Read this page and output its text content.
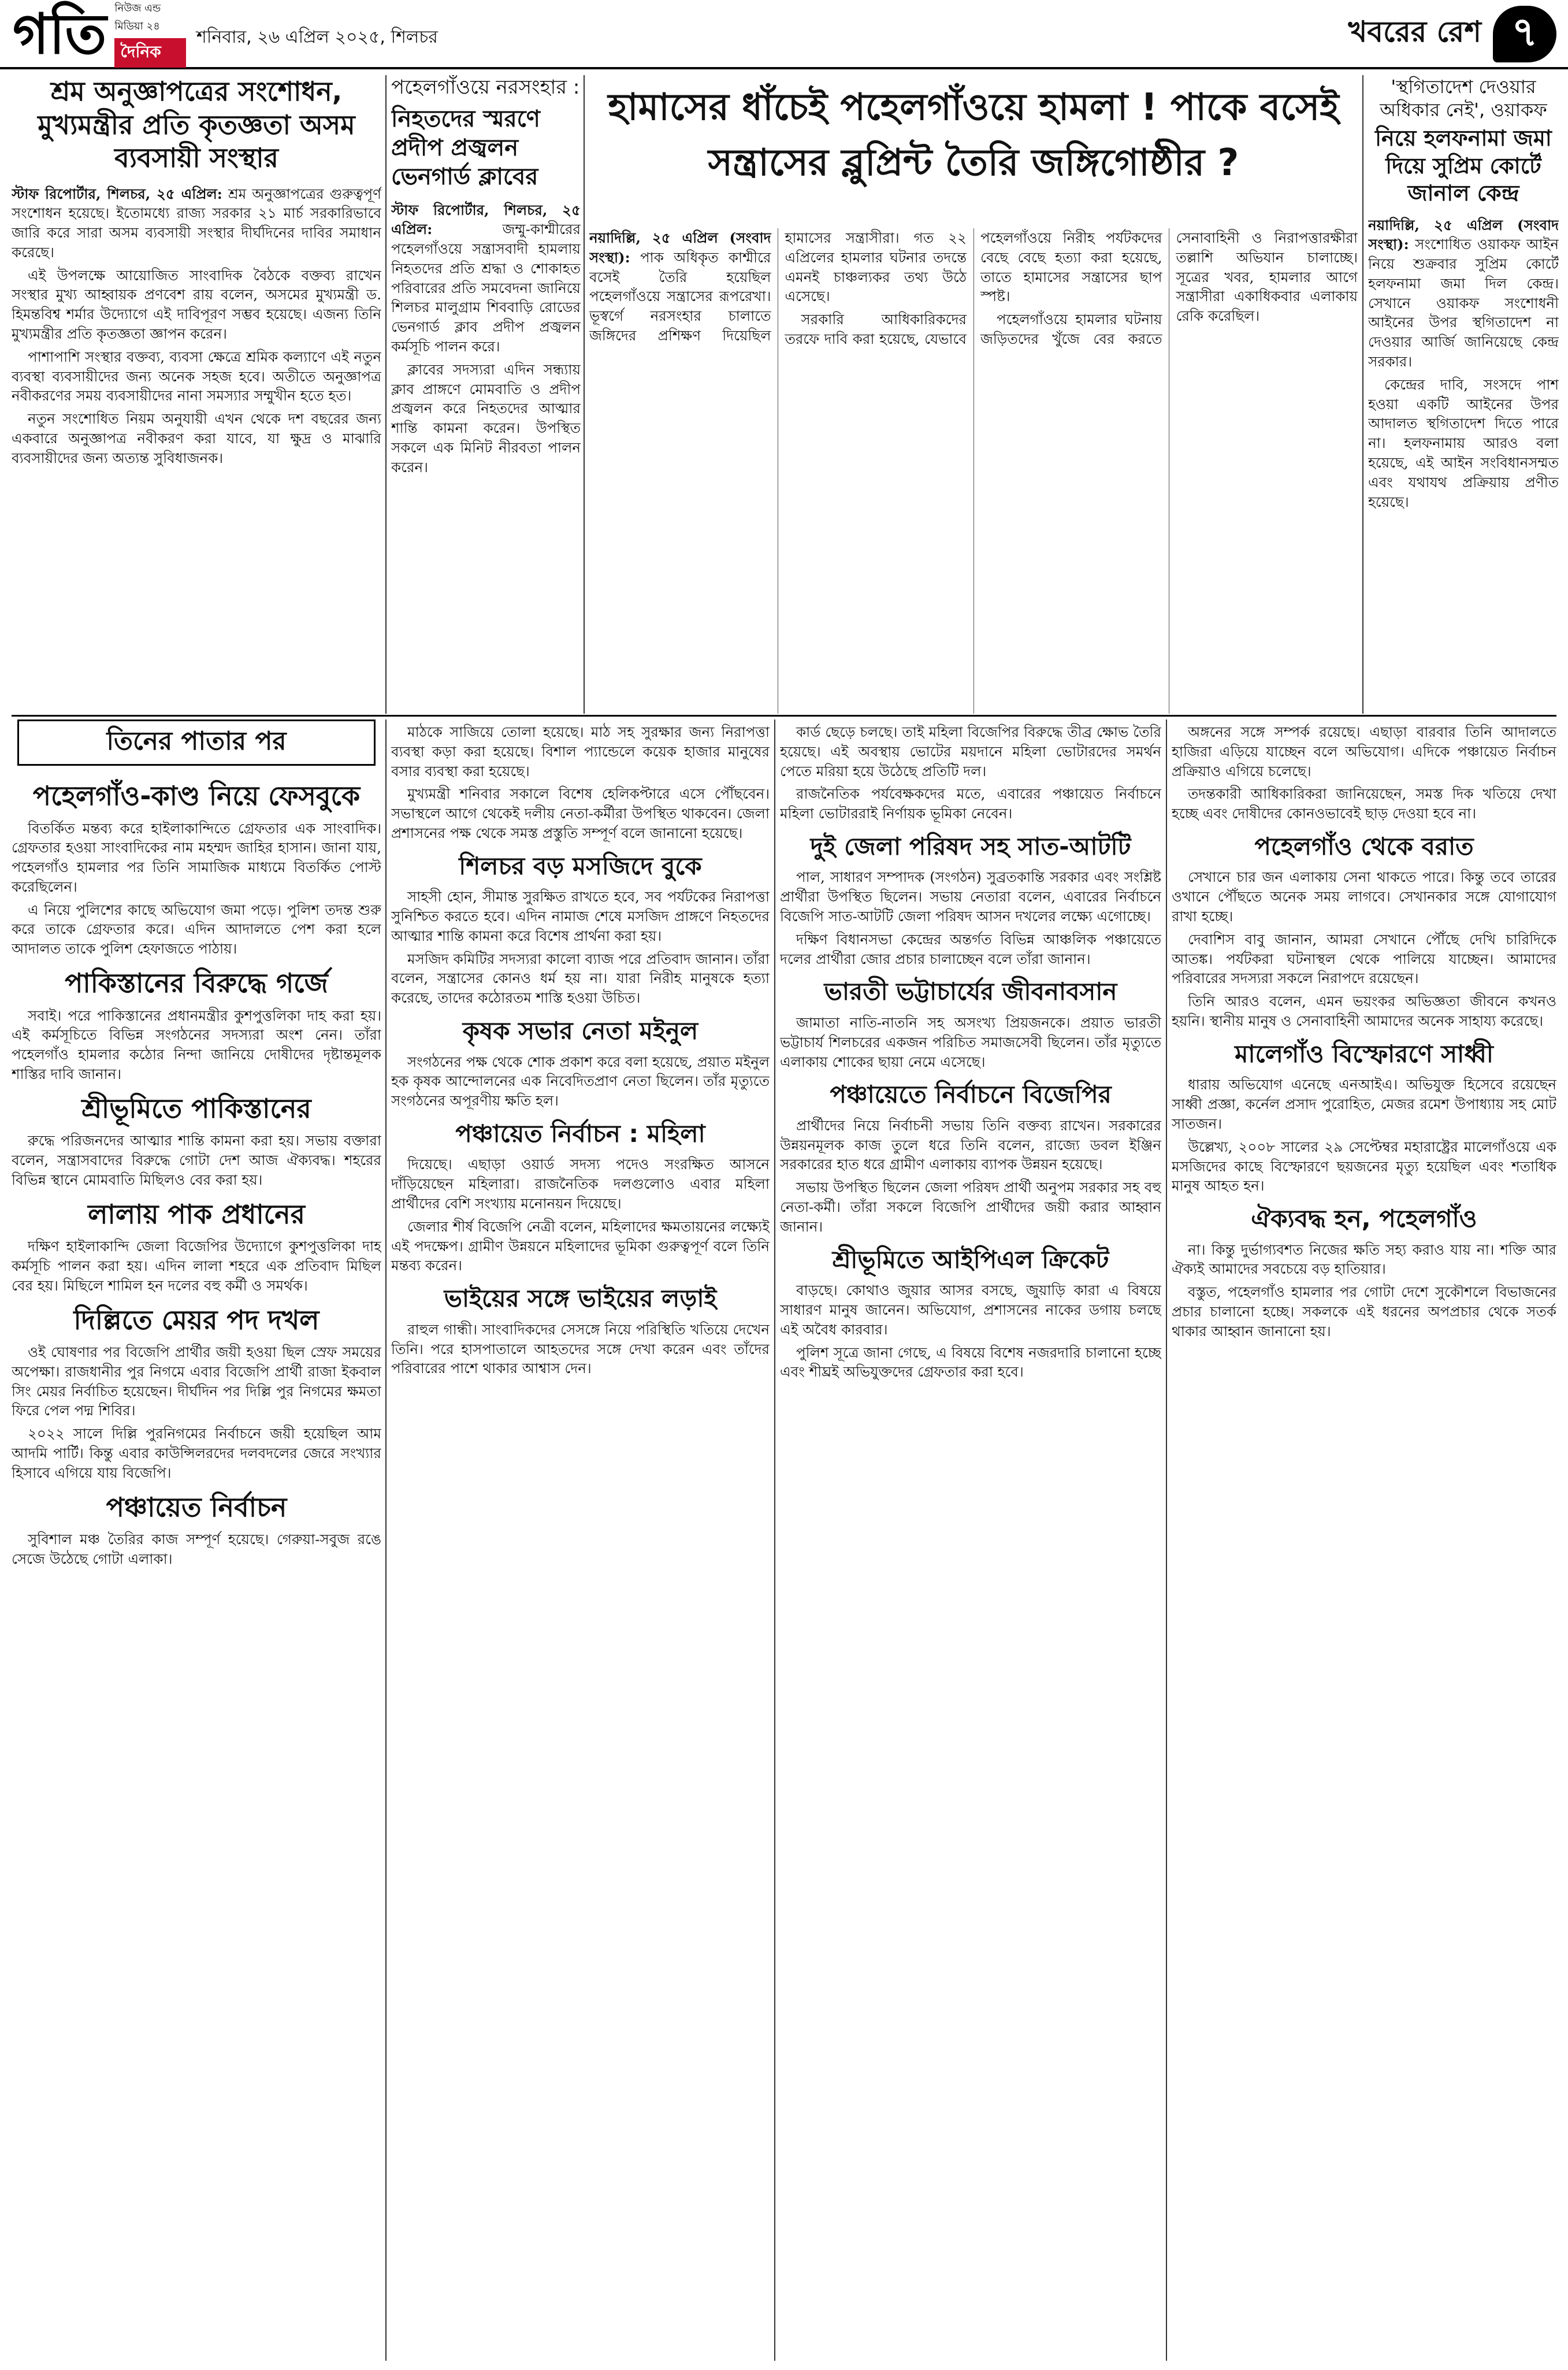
গতি নিউজ এন্ড মিডিয়া ২৪
দৈনিক
শনিবার, ২৬ এপ্রিল ২০২৫, শিলচর	খবরের রেশ ৭
শ্রম অনুজ্ঞাপত্রের সংশোধন, মুখ্যমন্ত্রীর প্রতি কৃতজ্ঞতা অসম ব্যবসায়ী সংস্থার

স্টাফ রিপোর্টার, শিলচর, ২৫ এপ্রিল: শ্রম অনুজ্ঞাপত্রের গুরুত্বপূর্ণ সংশোধন হয়েছে। ইতোমধ্যে রাজ্য সরকার ২১ মার্চ সরকারিভাবে জারি করে সারা অসম ব্যবসায়ী সংস্থার দীর্ঘদিনের দাবির সমাধান করেছে।

এই উপলক্ষে আয়োজিত সাংবাদিক বৈঠকে বক্তব্য রাখেন সংস্থার মুখ্য আহ্বায়ক প্রণবেশ রায় বলেন, অসমের মুখ্যমন্ত্রী ড. হিমন্তবিশ্ব শর্মার উদ্যোগে এই দাবিপূরণ সম্ভব হয়েছে। এজন্য তিনি মুখ্যমন্ত্রীর প্রতি কৃতজ্ঞতা জ্ঞাপন করেন।

পাশাপাশি সংস্থার বক্তব্য, ব্যবসা ক্ষেত্রে শ্রমিক কল্যাণে এই নতুন ব্যবস্থা ব্যবসায়ীদের জন্য অনেক সহজ হবে। অতীতে অনুজ্ঞাপত্র নবীকরণের সময় ব্যবসায়ীদের নানা সমস্যার সম্মুখীন হতে হত।

নতুন সংশোধিত নিয়ম অনুযায়ী এখন থেকে দশ বছরের জন্য একবারে অনুজ্ঞাপত্র নবীকরণ করা যাবে, যা ক্ষুদ্র ও মাঝারি ব্যবসায়ীদের জন্য অত্যন্ত সুবিধাজনক।

পহেলগাঁওয়ে নরসংহার :
নিহতদের স্মরণে প্রদীপ প্রজ্বলন ভেনগার্ড ক্লাবের

স্টাফ রিপোর্টার, শিলচর, ২৫ এপ্রিল:	জম্মু-কাশ্মীরের পহেলগাঁওয়ে সন্ত্রাসবাদী হামলায় নিহতদের প্রতি শ্রদ্ধা ও শোকাহত পরিবারের প্রতি সমবেদনা জানিয়ে শিলচর মালুগ্রাম শিববাড়ি রোডের ভেনগার্ড ক্লাব প্রদীপ প্রজ্বলন কর্মসূচি পালন করে।

ক্লাবের সদস্যরা এদিন সন্ধ্যায় ক্লাব প্রাঙ্গণে মোমবাতি ও প্রদীপ প্রজ্বলন করে নিহতদের আত্মার শান্তি কামনা করেন। উপস্থিত সকলে এক মিনিট নীরবতা পালন করেন।

হামাসের ধাঁচেই পহেলগাঁওয়ে হামলা ! পাকে বসেই সন্ত্রাসের ব্লুপ্রিন্ট তৈরি জঙ্গিগোষ্ঠীর ?

নয়াদিল্লি, ২৫ এপ্রিল (সংবাদ সংস্থা): পাক অধিকৃত কাশ্মীরে বসেই তৈরি হয়েছিল পহেলগাঁওয়ে সন্ত্রাসের রূপরেখা। ভূস্বর্গে নরসংহার চালাতে জঙ্গিদের প্রশিক্ষণ দিয়েছিল হামাসের সন্ত্রাসীরা। গত ২২ এপ্রিলের হামলার ঘটনার তদন্তে এমনই চাঞ্চল্যকর তথ্য উঠে এসেছে।

সরকারি আধিকারিকদের তরফে দাবি করা হয়েছে, যেভাবে পহেলগাঁওয়ে নিরীহ পর্যটকদের বেছে বেছে হত্যা করা হয়েছে, তাতে হামাসের সন্ত্রাসের ছাপ স্পষ্ট।

পহেলগাঁওয়ে হামলার ঘটনায় জড়িতদের খুঁজে বের করতে সেনাবাহিনী ও নিরাপত্তারক্ষীরা তল্লাশি অভিযান চালাচ্ছে। সূত্রের খবর, হামলার আগে সন্ত্রাসীরা একাধিকবার এলাকায় রেকি করেছিল।

'স্থগিতাদেশ দেওয়ার অধিকার নেই', ওয়াকফ
নিয়ে হলফনামা জমা দিয়ে সুপ্রিম কোর্টে জানাল কেন্দ্র

নয়াদিল্লি, ২৫ এপ্রিল (সংবাদ সংস্থা): সংশোধিত ওয়াকফ আইন নিয়ে শুক্রবার সুপ্রিম কোর্টে হলফনামা জমা দিল কেন্দ্র। সেখানে ওয়াকফ সংশোধনী আইনের উপর স্থগিতাদেশ না দেওয়ার আর্জি জানিয়েছে কেন্দ্র সরকার।

কেন্দ্রের দাবি, সংসদে পাশ হওয়া একটি আইনের উপর আদালত স্থগিতাদেশ দিতে পারে না। হলফনামায় আরও বলা হয়েছে, এই আইন সংবিধানসম্মত এবং যথাযথ প্রক্রিয়ায় প্রণীত হয়েছে।

তিনের পাতার পর
পহেলগাঁও-কাণ্ড নিয়ে ফেসবুকে

বিতর্কিত মন্তব্য করে হাইলাকান্দিতে গ্রেফতার এক সাংবাদিক। গ্রেফতার হওয়া সাংবাদিকের নাম মহম্মদ জাহির হাসান। জানা যায়, পহেলগাঁও হামলার পর তিনি সামাজিক মাধ্যমে বিতর্কিত পোস্ট করেছিলেন।

এ নিয়ে পুলিশের কাছে অভিযোগ জমা পড়ে। পুলিশ তদন্ত শুরু করে তাকে গ্রেফতার করে। এদিন আদালতে পেশ করা হলে আদালত তাকে পুলিশ হেফাজতে পাঠায়।

পাকিস্তানের বিরুদ্ধে গর্জে

সবাই। পরে পাকিস্তানের প্রধানমন্ত্রীর কুশপুত্তলিকা দাহ করা হয়। এই কর্মসূচিতে বিভিন্ন সংগঠনের সদস্যরা অংশ নেন। তাঁরা পহেলগাঁও হামলার কঠোর নিন্দা জানিয়ে দোষীদের দৃষ্টান্তমূলক শাস্তির দাবি জানান।

শ্রীভূমিতে পাকিস্তানের

রুদ্ধে পরিজনদের আত্মার শান্তি কামনা করা হয়। সভায় বক্তারা বলেন, সন্ত্রাসবাদের বিরুদ্ধে গোটা দেশ আজ ঐক্যবদ্ধ। শহরের বিভিন্ন স্থানে মোমবাতি মিছিলও বের করা হয়।

লালায় পাক প্রধানের

দক্ষিণ হাইলাকান্দি জেলা বিজেপির উদ্যোগে কুশপুত্তলিকা দাহ কর্মসূচি পালন করা হয়। এদিন লালা শহরে এক প্রতিবাদ মিছিল বের হয়। মিছিলে শামিল হন দলের বহু কর্মী ও সমর্থক।

দিল্লিতে মেয়র পদ দখল

ওই ঘোষণার পর বিজেপি প্রার্থীর জয়ী হওয়া ছিল স্রেফ সময়ের অপেক্ষা। রাজধানীর পুর নিগমে এবার বিজেপি প্রার্থী রাজা ইকবাল সিং মেয়র নির্বাচিত হয়েছেন। দীর্ঘদিন পর দিল্লি পুর নিগমের ক্ষমতা ফিরে পেল পদ্ম শিবির।

২০২২ সালে দিল্লি পুরনিগমের নির্বাচনে জয়ী হয়েছিল আম আদমি পার্টি। কিন্তু এবার কাউন্সিলরদের দলবদলের জেরে সংখ্যার হিসাবে এগিয়ে যায় বিজেপি।

পঞ্চায়েত নির্বাচন

সুবিশাল মঞ্চ তৈরির কাজ সম্পূর্ণ হয়েছে। গেরুয়া-সবুজ রঙে সেজে উঠেছে গোটা এলাকা।

মাঠকে সাজিয়ে তোলা হয়েছে। মাঠ সহ সুরক্ষার জন্য নিরাপত্তা ব্যবস্থা কড়া করা হয়েছে। বিশাল প্যান্ডেলে কয়েক হাজার মানুষের বসার ব্যবস্থা করা হয়েছে।

মুখ্যমন্ত্রী শনিবার সকালে বিশেষ হেলিকপ্টারে এসে পৌঁছবেন। সভাস্থলে আগে থেকেই দলীয় নেতা-কর্মীরা উপস্থিত থাকবেন। জেলা প্রশাসনের পক্ষ থেকে সমস্ত প্রস্তুতি সম্পূর্ণ বলে জানানো হয়েছে।

শিলচর বড় মসজিদে বুকে

সাহসী হোন, সীমান্ত সুরক্ষিত রাখতে হবে, সব পর্যটকের নিরাপত্তা সুনিশ্চিত করতে হবে। এদিন নামাজ শেষে মসজিদ প্রাঙ্গণে নিহতদের আত্মার শান্তি কামনা করে বিশেষ প্রার্থনা করা হয়।

মসজিদ কমিটির সদস্যরা কালো ব্যাজ পরে প্রতিবাদ জানান। তাঁরা বলেন, সন্ত্রাসের কোনও ধর্ম হয় না। যারা নিরীহ মানুষকে হত্যা করেছে, তাদের কঠোরতম শাস্তি হওয়া উচিত।

কৃষক সভার নেতা মইনুল

সংগঠনের পক্ষ থেকে শোক প্রকাশ করে বলা হয়েছে, প্রয়াত মইনুল হক কৃষক আন্দোলনের এক নিবেদিতপ্রাণ নেতা ছিলেন। তাঁর মৃত্যুতে সংগঠনের অপূরণীয় ক্ষতি হল।

পঞ্চায়েত নির্বাচন : মহিলা

দিয়েছে। এছাড়া ওয়ার্ড সদস্য পদেও সংরক্ষিত আসনে দাঁড়িয়েছেন মহিলারা। রাজনৈতিক দলগুলোও এবার মহিলা প্রার্থীদের বেশি সংখ্যায় মনোনয়ন দিয়েছে।

জেলার শীর্ষ বিজেপি নেত্রী বলেন, মহিলাদের ক্ষমতায়নের লক্ষ্যেই এই পদক্ষেপ। গ্রামীণ উন্নয়নে মহিলাদের ভূমিকা গুরুত্বপূর্ণ বলে তিনি মন্তব্য করেন।

ভাইয়ের সঙ্গে ভাইয়ের লড়াই

রাহুল গান্ধী। সাংবাদিকদের সেসঙ্গে নিয়ে পরিস্থিতি খতিয়ে দেখেন তিনি। পরে হাসপাতালে আহতদের সঙ্গে দেখা করেন এবং তাঁদের পরিবারের পাশে থাকার আশ্বাস দেন।

কার্ড ছেড়ে চলছে। তাই মহিলা বিজেপির বিরুদ্ধে তীব্র ক্ষোভ তৈরি হয়েছে। এই অবস্থায় ভোটের ময়দানে মহিলা ভোটারদের সমর্থন পেতে মরিয়া হয়ে উঠেছে প্রতিটি দল।

রাজনৈতিক পর্যবেক্ষকদের মতে, এবারের পঞ্চায়েত নির্বাচনে মহিলা ভোটাররাই নির্ণায়ক ভূমিকা নেবেন।

দুই জেলা পরিষদ সহ সাত-আটটি

পাল, সাধারণ সম্পাদক (সংগঠন) সুব্রতকান্তি সরকার এবং সংশ্লিষ্ট প্রার্থীরা উপস্থিত ছিলেন। সভায় নেতারা বলেন, এবারের নির্বাচনে বিজেপি সাত-আটটি জেলা পরিষদ আসন দখলের লক্ষ্যে এগোচ্ছে।

দক্ষিণ বিধানসভা কেন্দ্রের অন্তর্গত বিভিন্ন আঞ্চলিক পঞ্চায়েতে দলের প্রার্থীরা জোর প্রচার চালাচ্ছেন বলে তাঁরা জানান।

ভারতী ভট্টাচার্যের জীবনাবসান

জামাতা নাতি-নাতনি সহ অসংখ্য প্রিয়জনকে। প্রয়াত ভারতী ভট্টাচার্য শিলচরের একজন পরিচিত সমাজসেবী ছিলেন। তাঁর মৃত্যুতে এলাকায় শোকের ছায়া নেমে এসেছে।

পঞ্চায়েতে নির্বাচনে বিজেপির

প্রার্থীদের নিয়ে নির্বাচনী সভায় তিনি বক্তব্য রাখেন। সরকারের উন্নয়নমূলক কাজ তুলে ধরে তিনি বলেন, রাজ্যে ডবল ইঞ্জিন সরকারের হাত ধরে গ্রামীণ এলাকায় ব্যাপক উন্নয়ন হয়েছে।

সভায় উপস্থিত ছিলেন জেলা পরিষদ প্রার্থী অনুপম সরকার সহ বহু নেতা-কর্মী। তাঁরা সকলে বিজেপি প্রার্থীদের জয়ী করার আহ্বান জানান।

শ্রীভূমিতে আইপিএল ক্রিকেট

বাড়ছে। কোথাও জুয়ার আসর বসছে, জুয়াড়ি কারা এ বিষয়ে সাধারণ মানুষ জানেন। অভিযোগ, প্রশাসনের নাকের ডগায় চলছে এই অবৈধ কারবার।

পুলিশ সূত্রে জানা গেছে, এ বিষয়ে বিশেষ নজরদারি চালানো হচ্ছে এবং শীঘ্রই অভিযুক্তদের গ্রেফতার করা হবে।

অঙ্গনের সঙ্গে সম্পর্ক রয়েছে। এছাড়া বারবার তিনি আদালতে হাজিরা এড়িয়ে যাচ্ছেন বলে অভিযোগ। এদিকে পঞ্চায়েত নির্বাচন প্রক্রিয়াও এগিয়ে চলেছে।

তদন্তকারী আধিকারিকরা জানিয়েছেন, সমস্ত দিক খতিয়ে দেখা হচ্ছে এবং দোষীদের কোনওভাবেই ছাড় দেওয়া হবে না।

পহেলগাঁও থেকে বরাত

সেখানে চার জন এলাকায় সেনা থাকতে পারে। কিন্তু তবে তারের ওখানে পৌঁছতে অনেক সময় লাগবে। সেখানকার সঙ্গে যোগাযোগ রাখা হচ্ছে।

দেবাশিস বাবু জানান, আমরা সেখানে পৌঁছে দেখি চারিদিকে আতঙ্ক। পর্যটকরা ঘটনাস্থল থেকে পালিয়ে যাচ্ছেন। আমাদের পরিবারের সদস্যরা সকলে নিরাপদে রয়েছেন।

তিনি আরও বলেন, এমন ভয়ংকর অভিজ্ঞতা জীবনে কখনও হয়নি। স্থানীয় মানুষ ও সেনাবাহিনী আমাদের অনেক সাহায্য করেছে।

মালেগাঁও বিস্ফোরণে সাধ্বী

ধারায় অভিযোগ এনেছে এনআইএ। অভিযুক্ত হিসেবে রয়েছেন সাধ্বী প্রজ্ঞা, কর্নেল প্রসাদ পুরোহিত, মেজর রমেশ উপাধ্যায় সহ মোট সাতজন।

উল্লেখ্য, ২০০৮ সালের ২৯ সেপ্টেম্বর মহারাষ্ট্রের মালেগাঁওয়ে এক মসজিদের কাছে বিস্ফোরণে ছয়জনের মৃত্যু হয়েছিল এবং শতাধিক মানুষ আহত হন।

ঐক্যবদ্ধ হন, পহেলগাঁও

না। কিন্তু দুর্ভাগ্যবশত নিজের ক্ষতি সহ্য করাও যায় না। শক্তি আর ঐক্যই আমাদের সবচেয়ে বড় হাতিয়ার।

বস্তুত, পহেলগাঁও হামলার পর গোটা দেশে সুকৌশলে বিভাজনের প্রচার চালানো হচ্ছে। সকলকে এই ধরনের অপপ্রচার থেকে সতর্ক থাকার আহ্বান জানানো হয়।
